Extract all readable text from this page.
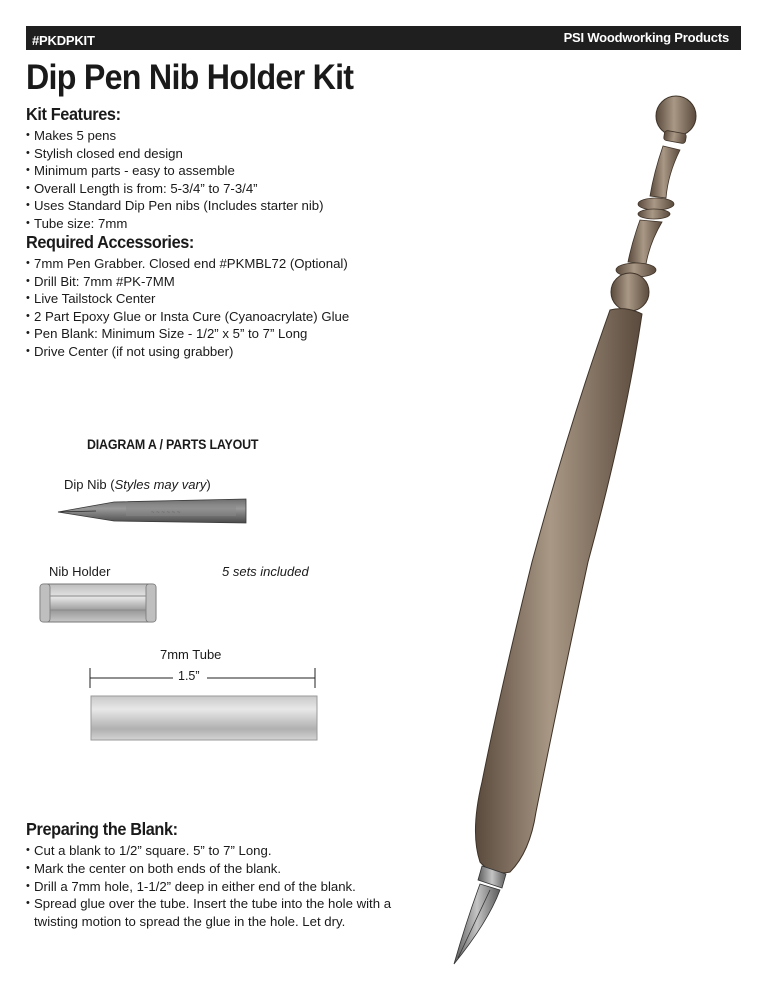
#PKDPKIT	PSI Woodworking Products
Dip Pen Nib Holder Kit
Kit Features:
• Makes 5 pens
• Stylish closed end design
• Minimum parts - easy to assemble
• Overall Length is from: 5-3/4” to 7-3/4”
• Uses Standard Dip Pen nibs (Includes starter nib)
• Tube size: 7mm
Required Accessories:
• 7mm Pen Grabber. Closed end #PKMBL72 (Optional)
• Drill Bit: 7mm #PK-7MM
• Live Tailstock Center
• 2 Part Epoxy Glue or Insta Cure (Cyanoacrylate) Glue
• Pen Blank: Minimum Size - 1/2” x 5” to 7” Long
• Drive Center (if not using grabber)
DIAGRAM A / PARTS LAYOUT
Dip Nib (Styles may vary)
~ ~ ~ ~ ~ ~
Nib Holder	5 sets included
7mm Tube
1.5”
Preparing the Blank:
• Cut a blank to 1/2” square. 5” to 7” Long.
• Mark the center on both ends of the blank.
• Drill a 7mm hole, 1-1/2” deep in either end of the blank.
• Spread glue over the tube. Insert the tube into the hole with a twisting motion to spread the glue in the hole. Let dry.
